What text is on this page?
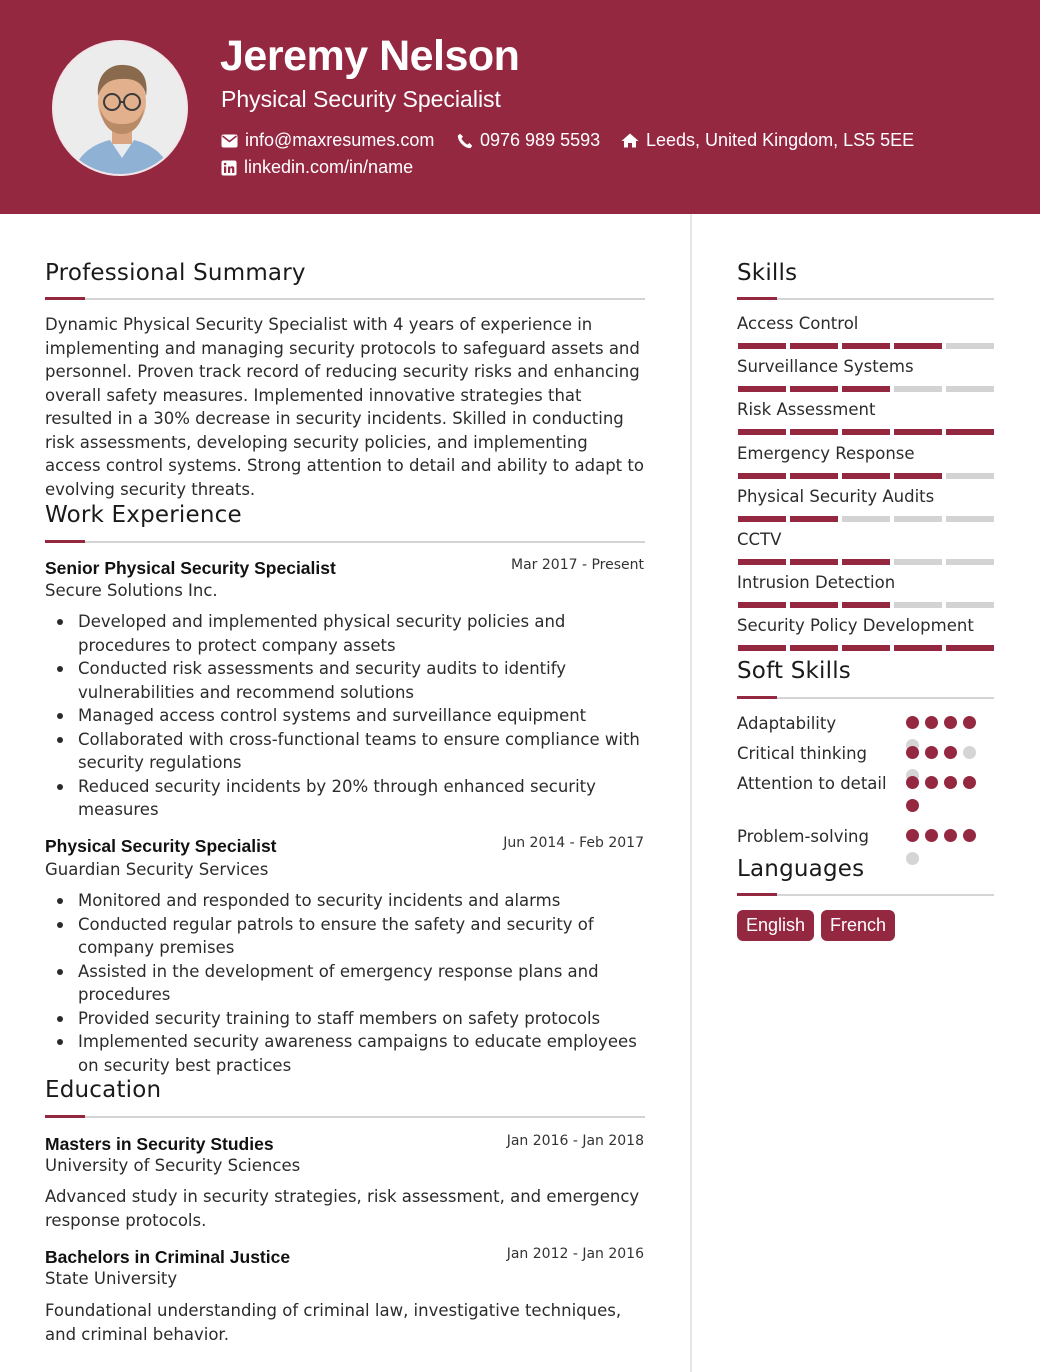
Jeremy Nelson
Physical Security Specialist
info@maxresumes.com	0976 989 5593	Leeds, United Kingdom, LS5 5EE
linkedin.com/in/name
Professional Summary
Dynamic Physical Security Specialist with 4 years of experience in implementing and managing security protocols to safeguard assets and personnel. Proven track record of reducing security risks and enhancing overall safety measures. Implemented innovative strategies that resulted in a 30% decrease in security incidents. Skilled in conducting risk assessments, developing security policies, and implementing access control systems. Strong attention to detail and ability to adapt to evolving security threats.
Work Experience
Senior Physical Security Specialist	Mar 2017 - Present
Secure Solutions Inc.
Developed and implemented physical security policies and procedures to protect company assets
Conducted risk assessments and security audits to identify vulnerabilities and recommend solutions
Managed access control systems and surveillance equipment
Collaborated with cross-functional teams to ensure compliance with security regulations
Reduced security incidents by 20% through enhanced security measures
Physical Security Specialist	Jun 2014 - Feb 2017
Guardian Security Services
Monitored and responded to security incidents and alarms
Conducted regular patrols to ensure the safety and security of company premises
Assisted in the development of emergency response plans and procedures
Provided security training to staff members on safety protocols
Implemented security awareness campaigns to educate employees on security best practices
Education
Masters in Security Studies	Jan 2016 - Jan 2018
University of Security Sciences
Advanced study in security strategies, risk assessment, and emergency response protocols.
Bachelors in Criminal Justice	Jan 2012 - Jan 2016
State University
Foundational understanding of criminal law, investigative techniques, and criminal behavior.
Skills
Access Control
Surveillance Systems
Risk Assessment
Emergency Response
Physical Security Audits
CCTV
Intrusion Detection
Security Policy Development
Soft Skills
Adaptability
Critical thinking
Attention to detail
Problem-solving
Languages
English	French
